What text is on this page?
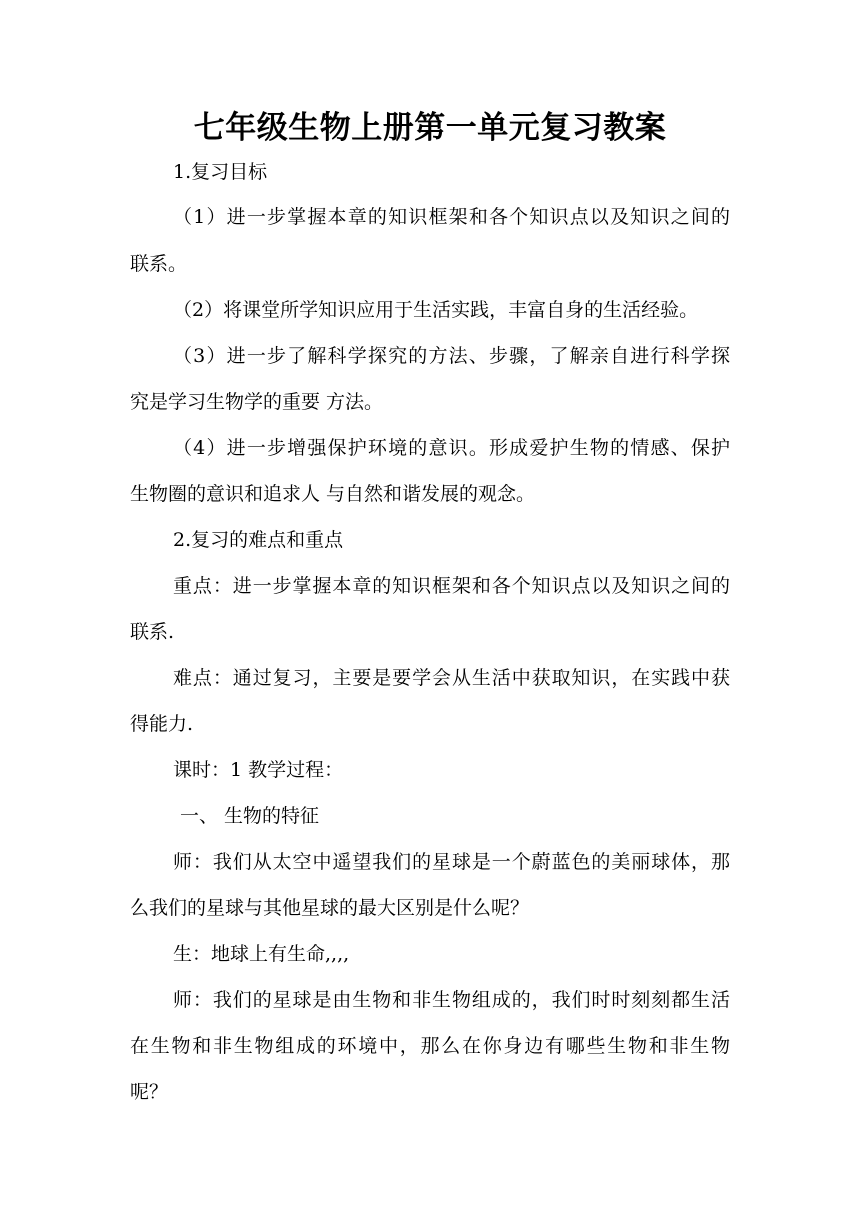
七年级生物上册第一单元复习教案
1.复习目标
（1）进一步掌握本章的知识框架和各个知识点以及知识之间的
联系。
（2）将课堂所学知识应用于生活实践，丰富自身的生活经验。
（3）进一步了解科学探究的方法、步骤，了解亲自进行科学探
究是学习生物学的重要 方法。
（4）进一步增强保护环境的意识。形成爱护生物的情感、保护
生物圈的意识和追求人 与自然和谐发展的观念。
2.复习的难点和重点
重点：进一步掌握本章的知识框架和各个知识点以及知识之间的
联系.
难点：通过复习，主要是要学会从生活中获取知识，在实践中获
得能力.
课时：1 教学过程：
一、 生物的特征
师：我们从太空中遥望我们的星球是一个蔚蓝色的美丽球体，那
么我们的星球与其他星球的最大区别是什么呢？
生：地球上有生命,,,,
师：我们的星球是由生物和非生物组成的，我们时时刻刻都生活
在生物和非生物组成的环境中，那么在你身边有哪些生物和非生物
呢？
